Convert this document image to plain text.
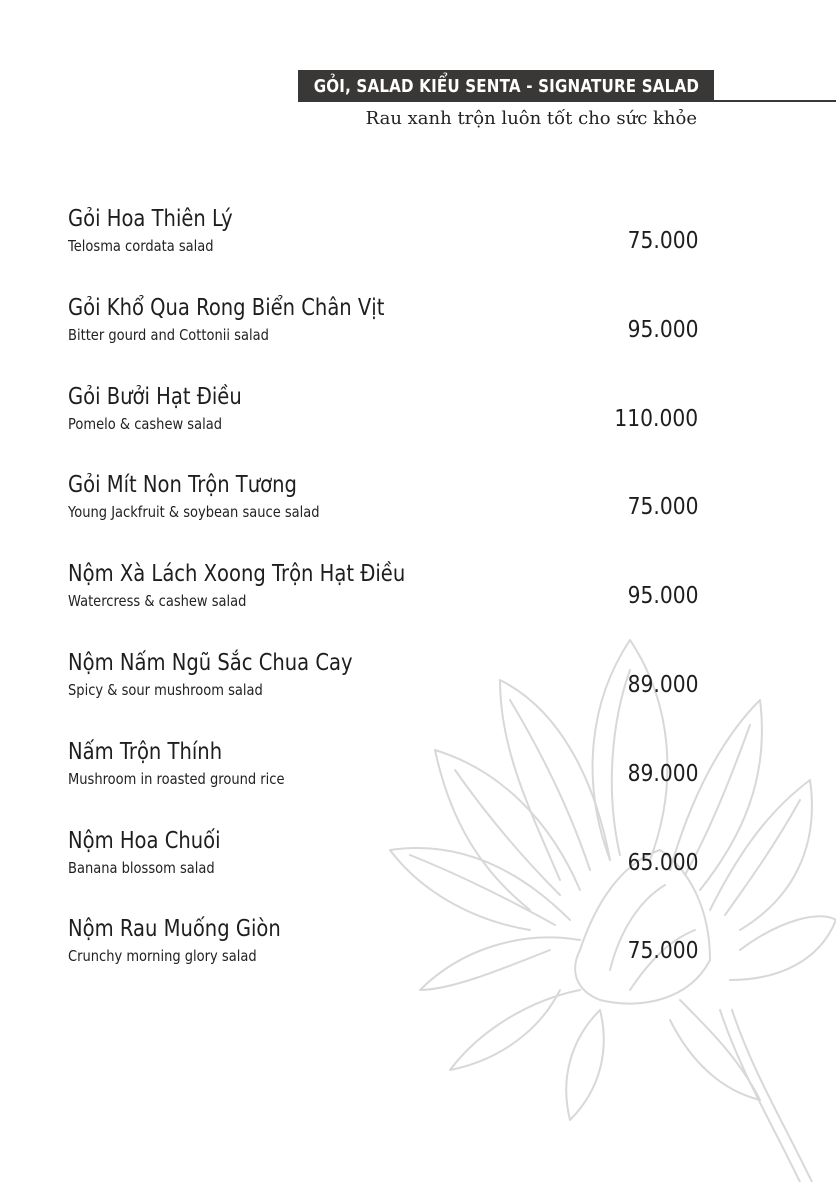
GỎI, SALAD KIỂU SENTA - SIGNATURE SALAD
Rau xanh trộn luôn tốt cho sức khỏe
Gỏi Hoa Thiên Lý
Telosma cordata salad	75.000
Gỏi Khổ Qua Rong Biển Chân Vịt
Bitter gourd and Cottonii salad	95.000
Gỏi Bưởi Hạt Điều
Pomelo & cashew salad	110.000
Gỏi Mít Non Trộn Tương
Young Jackfruit & soybean sauce salad	75.000
Nộm Xà Lách Xoong Trộn Hạt Điều
Watercress & cashew salad	95.000
Nộm Nấm Ngũ Sắc Chua Cay
Spicy & sour mushroom salad	89.000
Nấm Trộn Thính
Mushroom in roasted ground rice	89.000
Nộm Hoa Chuối
Banana blossom salad	65.000
Nộm Rau Muống Giòn
Crunchy morning glory salad	75.000
